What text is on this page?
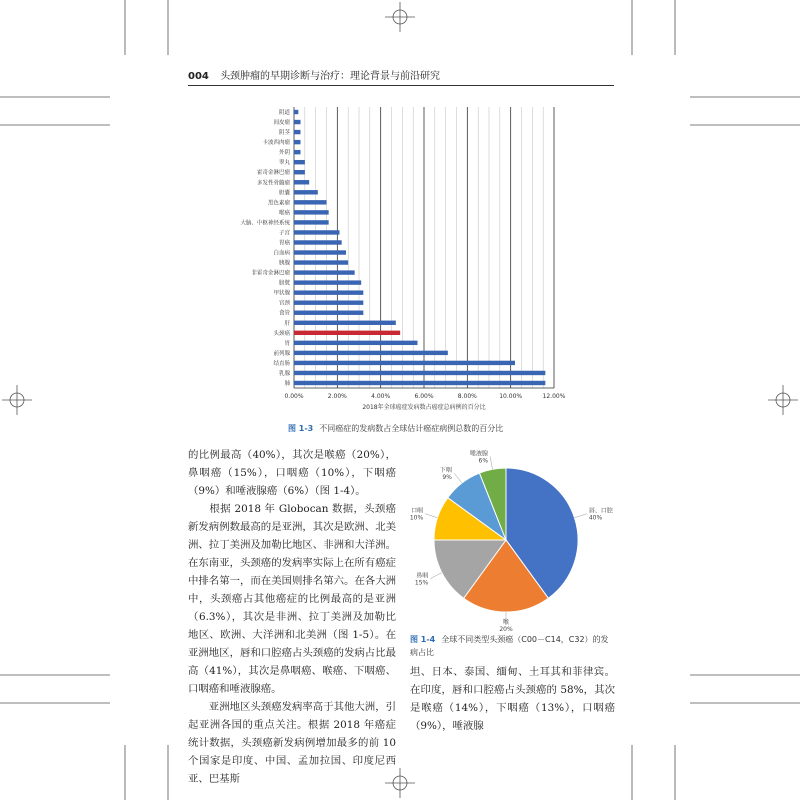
004 头颈肿瘤的早期诊断与治疗：理论背景与前沿研究
阴道
间皮瘤
阴茎
卡波西肉瘤
外阴
睾丸
霍奇金淋巴瘤
多发性骨髓瘤
胆囊
黑色素瘤
喉癌
大脑、中枢神经系统
子宫
胃癌
白血病
胰腺
非霍奇金淋巴瘤
膀胱
甲状腺
宫颈
食管
肝
头颈癌
胃
前列腺
结直肠
乳腺
肺
0.00%	2.00%	4.00%	6.00%	8.00%	10.00%	12.00%
2018年全球癌症发病数占癌症总病例的百分比
图 1-3 不同癌症的发病数占全球估计癌症病例总数的百分比

的比例最高（40%），其次是喉癌（20%），鼻咽癌（15%），口咽癌（10%），下咽癌（9%）和唾液腺癌（6%）（图 1-4）。

　　根据 2018 年 Globocan 数据，头颈癌新发病例数最高的是亚洲，其次是欧洲、北美洲、拉丁美洲及加勒比地区、非洲和大洋洲。在东南亚，头颈癌的发病率实际上在所有癌症中排名第一，而在美国则排名第六。在各大洲中，头颈癌占其他癌症的比例最高的是亚洲（6.3%），其次是非洲、拉丁美洲及加勒比地区、欧洲、大洋洲和北美洲（图 1-5）。在亚洲地区，唇和口腔癌占头颈癌的发病占比最高（41%），其次是鼻咽癌、喉癌、下咽癌、口咽癌和唾液腺癌。

　　亚洲地区头颈癌发病率高于其他大洲，引起亚洲各国的重点关注。根据 2018 年癌症统计数据，头颈癌新发病例增加最多的前 10 个国家是印度、中国、孟加拉国、印度尼西亚、巴基斯

唇、口腔
40%
喉
20%
鼻咽
15%
口咽
10%
下咽
9%
唾液腺
6%
图 1-4 全球不同类型头颈癌（C00－C14，C32）的发病占比

坦、日本、泰国、缅甸、土耳其和菲律宾。在印度，唇和口腔癌占头颈癌的 58%，其次是喉癌（14%），下咽癌（13%），口咽癌（9%），唾液腺
